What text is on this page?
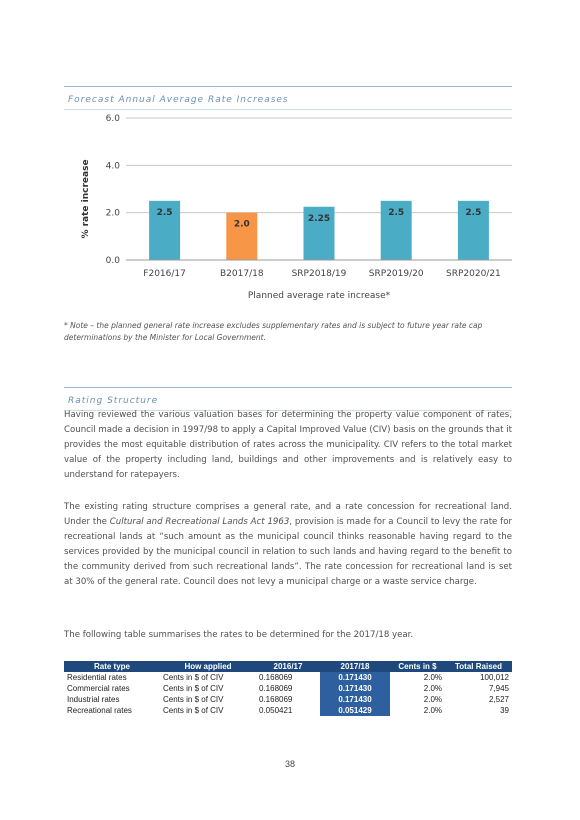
Forecast Annual Average Rate Increases
0.0
2.0
4.0
6.0
2.5
F2016/17
2.0
B2017/18
2.25
SRP2018/19
2.5
SRP2019/20
2.5
SRP2020/21
Planned average rate increase*
% rate increase
* Note – the planned general rate increase excludes supplementary rates and is subject to future year rate cap determinations by the Minister for Local Government.
Rating Structure

Having reviewed the various valuation bases for determining the property value component of rates, Council made a decision in 1997/98 to apply a Capital Improved Value (CIV) basis on the grounds that it provides the most equitable distribution of rates across the municipality. CIV refers to the total market value of the property including land, buildings and other improvements and is relatively easy to understand for ratepayers.

The existing rating structure comprises a general rate, and a rate concession for recreational land. Under the Cultural and Recreational Lands Act 1963, provision is made for a Council to levy the rate for recreational lands at “such amount as the municipal council thinks reasonable having regard to the services provided by the municipal council in relation to such lands and having regard to the benefit to the community derived from such recreational lands”. The rate concession for recreational land is set at 30% of the general rate. Council does not levy a municipal charge or a waste service charge.

The following table summarises the rates to be determined for the 2017/18 year.

Rate type	How applied	2016/17	2017/18	Cents in $	Total Raised
Residential rates	Cents in $ of CIV	0.168069	0.171430	2.0%	100,012
Commercial rates	Cents in $ of CIV	0.168069	0.171430	2.0%	7,945
Industrial rates	Cents in $ of CIV	0.168069	0.171430	2.0%	2,527
Recreational rates	Cents in $ of CIV	0.050421	0.051429	2.0%	39
38
